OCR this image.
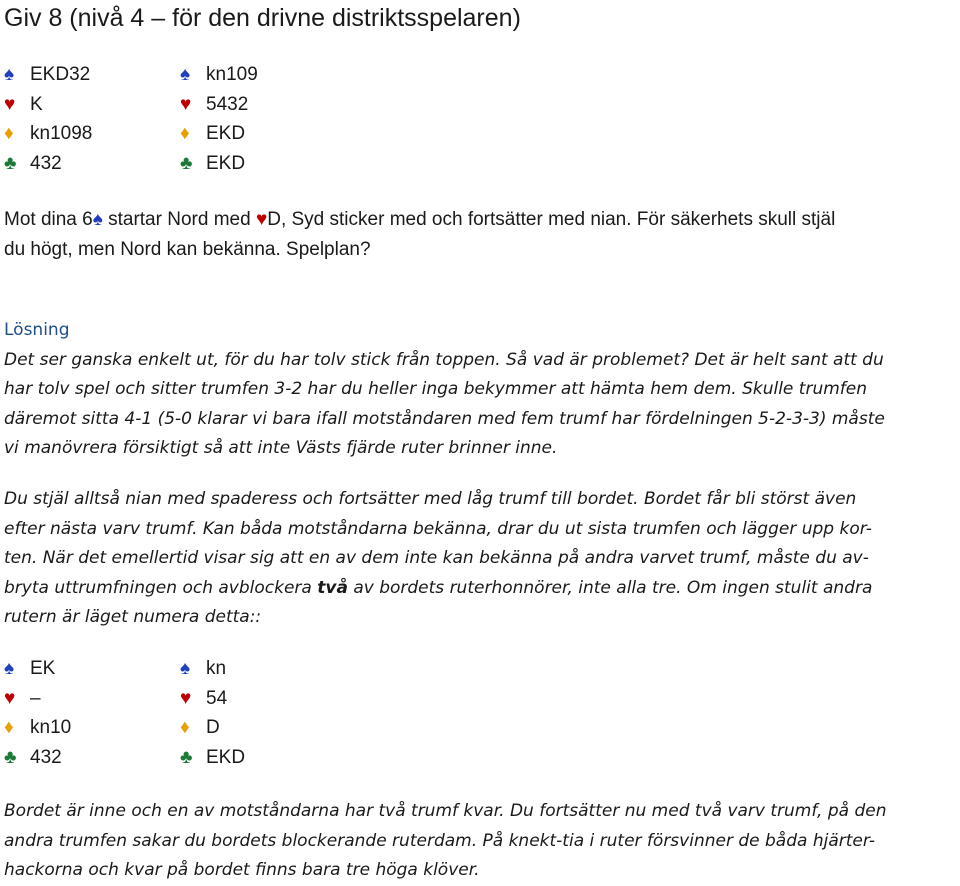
Giv 8 (nivå 4 – för den drivne distriktsspelaren)
♠ EKD32	♠ kn109
♥ K	♥ 5432
♦ kn1098	♦ EKD
♣ 432	♣ EKD
Mot dina 6♠ startar Nord med ♥D, Syd sticker med och fortsätter med nian. För säkerhets skull stjäl
du högt, men Nord kan bekänna. Spelplan?
Lösning
Det ser ganska enkelt ut, för du har tolv stick från toppen. Så vad är problemet? Det är helt sant att du
har tolv spel och sitter trumfen 3-2 har du heller inga bekymmer att hämta hem dem. Skulle trumfen
däremot sitta 4-1 (5-0 klarar vi bara ifall motståndaren med fem trumf har fördelningen 5-2-3-3) måste
vi manövrera försiktigt så att inte Västs fjärde ruter brinner inne.
Du stjäl alltså nian med spaderess och fortsätter med låg trumf till bordet. Bordet får bli störst även
efter nästa varv trumf. Kan båda motståndarna bekänna, drar du ut sista trumfen och lägger upp kor-
ten. När det emellertid visar sig att en av dem inte kan bekänna på andra varvet trumf, måste du av-
bryta uttrumfningen och avblockera två av bordets ruterhonnörer, inte alla tre. Om ingen stulit andra
rutern är läget numera detta::
♠ EK	♠ kn
♥ –	♥ 54
♦ kn10	♦ D
♣ 432	♣ EKD
Bordet är inne och en av motståndarna har två trumf kvar. Du fortsätter nu med två varv trumf, på den
andra trumfen sakar du bordets blockerande ruterdam. På knekt-tia i ruter försvinner de båda hjärter-
hackorna och kvar på bordet finns bara tre höga klöver.
